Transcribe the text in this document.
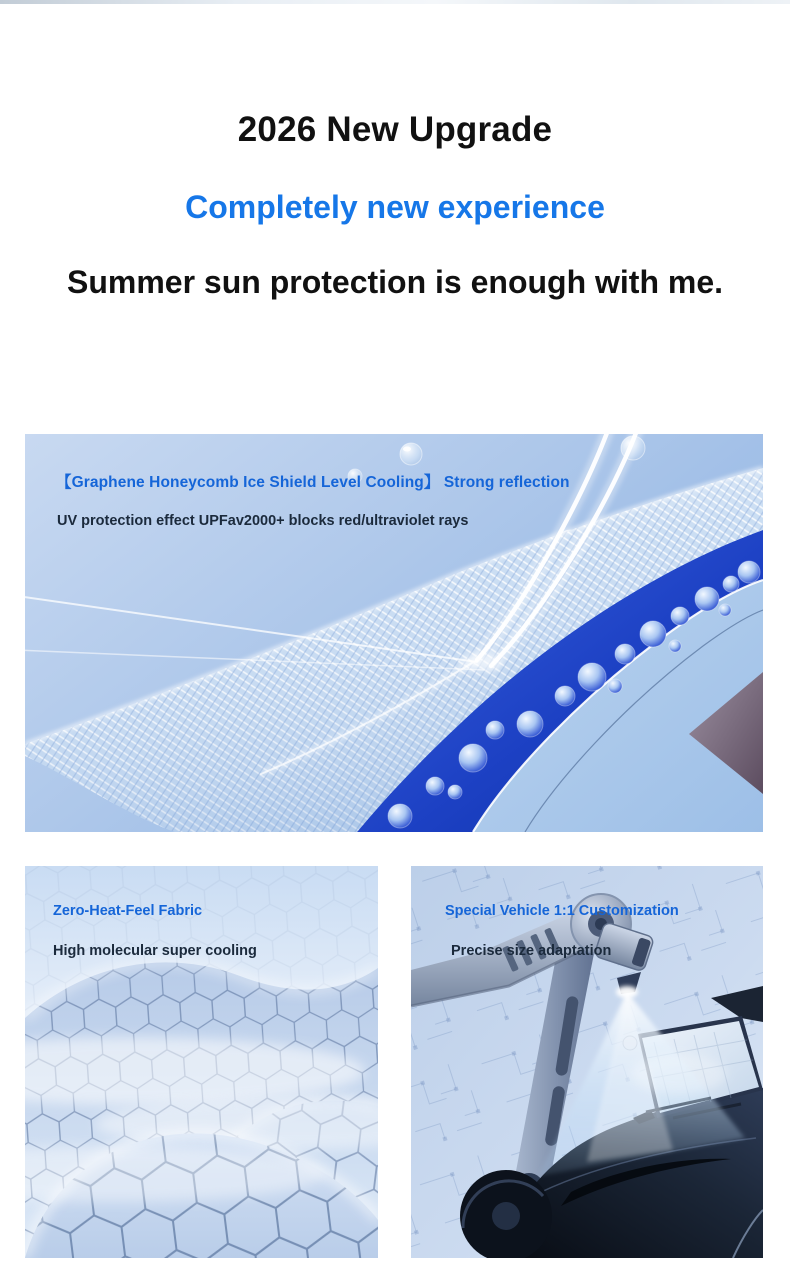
2026 New Upgrade
Completely new experience
Summer sun protection is enough with me.

【Graphene Honeycomb Ice Shield Level Cooling】 Strong reflection

UV protection effect UPFav2000+ blocks red/ultraviolet rays

Zero-Heat-Feel Fabric

High molecular super cooling

Special Vehicle 1:1 Customization

Precise size adaptation
